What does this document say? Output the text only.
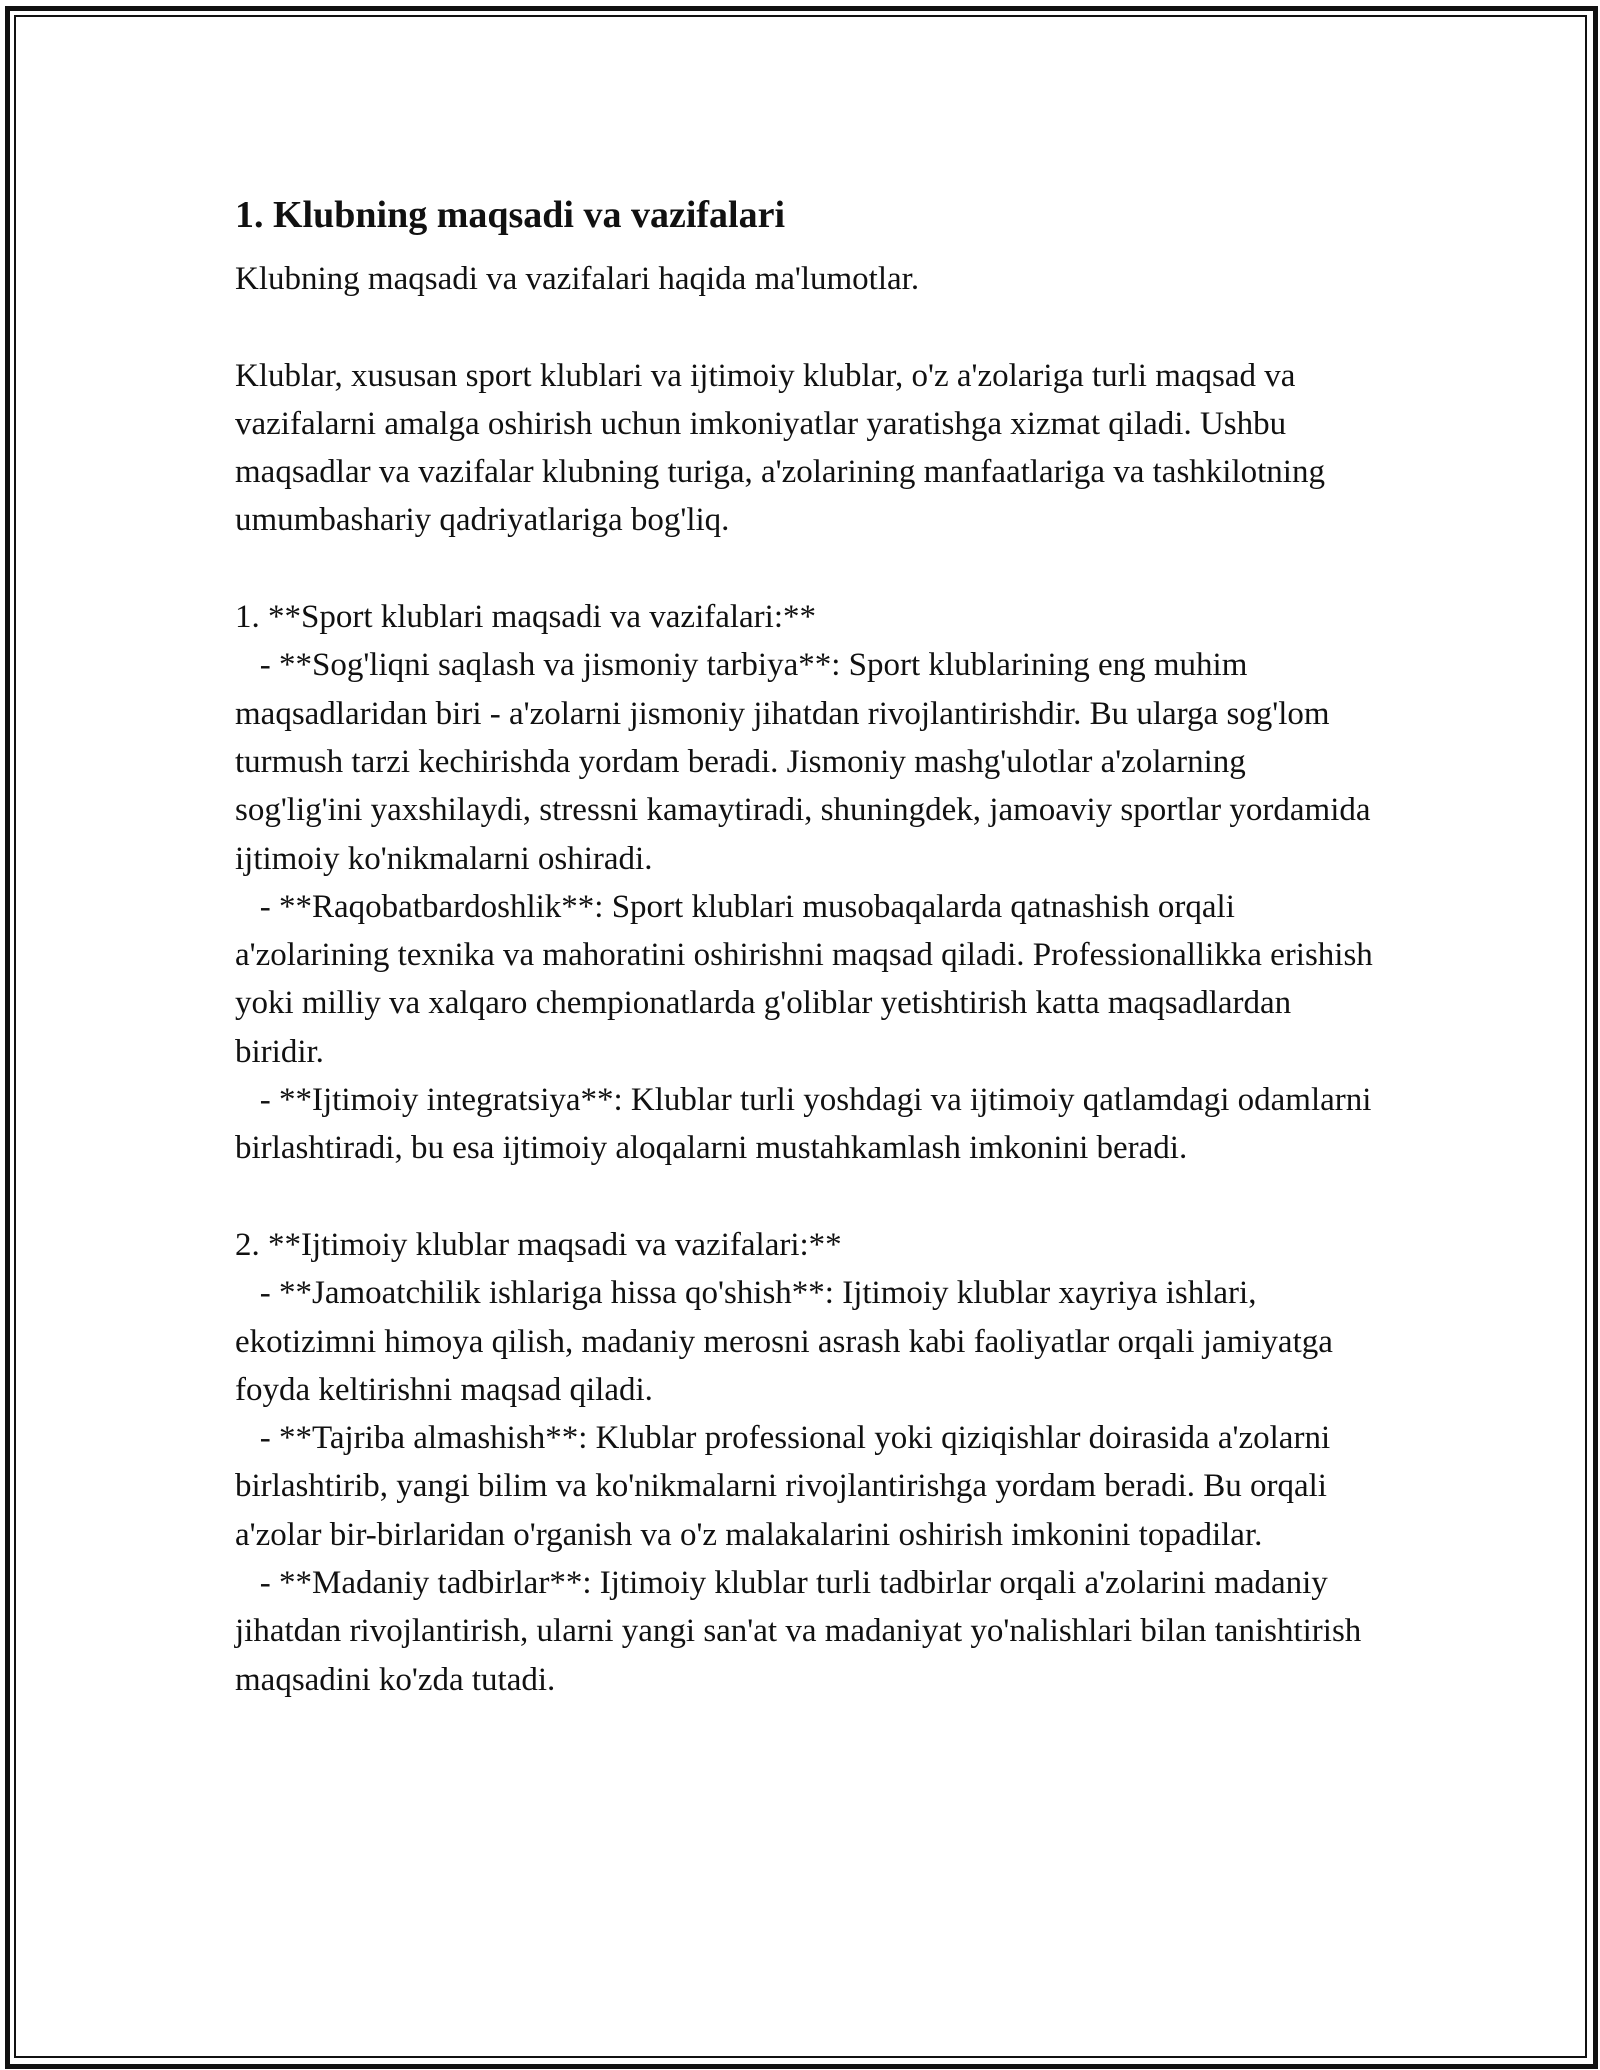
1. Klubning maqsadi va vazifalari

Klubning maqsadi va vazifalari haqida ma'lumotlar.

Klublar, xususan sport klublari va ijtimoiy klublar, o'z a'zolariga turli maqsad va vazifalarni amalga oshirish uchun imkoniyatlar yaratishga xizmat qiladi. Ushbu maqsadlar va vazifalar klubning turiga, a'zolarining manfaatlariga va tashkilotning umumbashariy qadriyatlariga bog'liq.

1. **Sport klublari maqsadi va vazifalari:**
- **Sog'liqni saqlash va jismoniy tarbiya**: Sport klublarining eng muhim maqsadlaridan biri - a'zolarni jismoniy jihatdan rivojlantirishdir. Bu ularga sog'lom turmush tarzi kechirishda yordam beradi. Jismoniy mashg'ulotlar a'zolarning sog'lig'ini yaxshilaydi, stressni kamaytiradi, shuningdek, jamoaviy sportlar yordamida ijtimoiy ko'nikmalarni oshiradi.
- **Raqobatbardoshlik**: Sport klublari musobaqalarda qatnashish orqali a'zolarining texnika va mahoratini oshirishni maqsad qiladi. Professionallikka erishish yoki milliy va xalqaro chempionatlarda g'oliblar yetishtirish katta maqsadlardan biridir.
- **Ijtimoiy integratsiya**: Klublar turli yoshdagi va ijtimoiy qatlamdagi odamlarni birlashtiradi, bu esa ijtimoiy aloqalarni mustahkamlash imkonini beradi.

2. **Ijtimoiy klublar maqsadi va vazifalari:**
- **Jamoatchilik ishlariga hissa qo'shish**: Ijtimoiy klublar xayriya ishlari, ekotizimni himoya qilish, madaniy merosni asrash kabi faoliyatlar orqali jamiyatga foyda keltirishni maqsad qiladi.
- **Tajriba almashish**: Klublar professional yoki qiziqishlar doirasida a'zolarni birlashtirib, yangi bilim va ko'nikmalarni rivojlantirishga yordam beradi. Bu orqali a'zolar bir-birlaridan o'rganish va o'z malakalarini oshirish imkonini topadilar.
- **Madaniy tadbirlar**: Ijtimoiy klublar turli tadbirlar orqali a'zolarini madaniy jihatdan rivojlantirish, ularni yangi san'at va madaniyat yo'nalishlari bilan tanishtirish maqsadini ko'zda tutadi.
